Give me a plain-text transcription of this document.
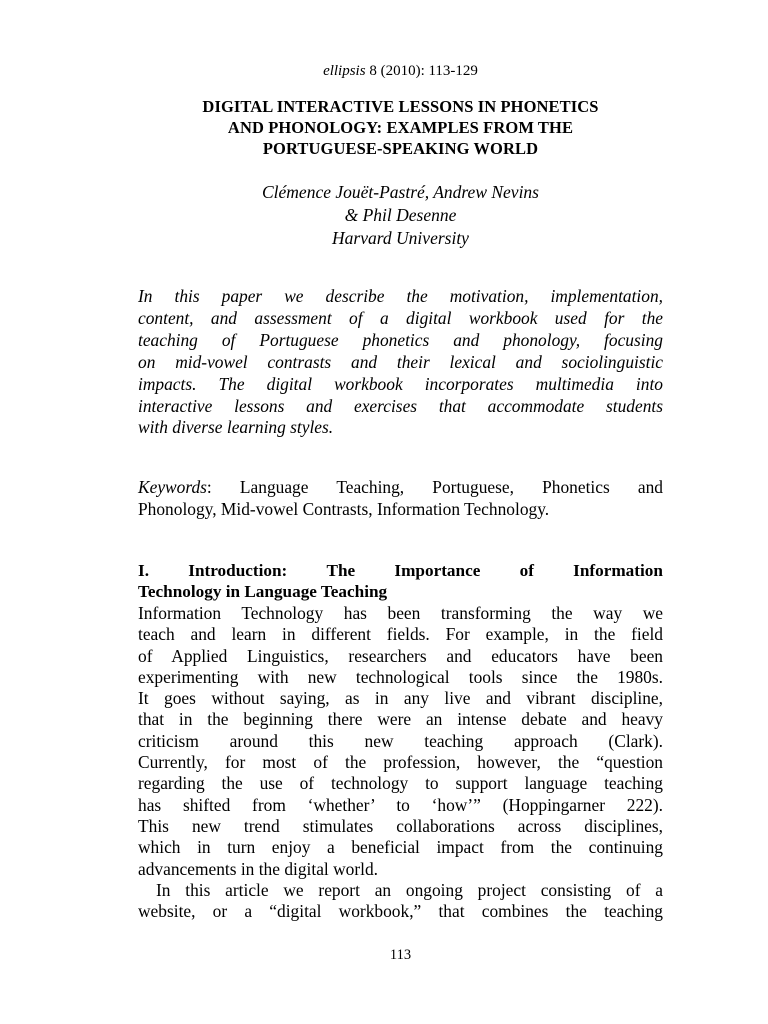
ellipsis 8 (2010): 113-129
DIGITAL INTERACTIVE LESSONS IN PHONETICS
AND PHONOLOGY: EXAMPLES FROM THE
PORTUGUESE-SPEAKING WORLD
Clémence Jouët-Pastré, Andrew Nevins
& Phil Desenne
Harvard University
In this paper we describe the motivation, implementation,
content, and assessment of a digital workbook used for the
teaching of Portuguese phonetics and phonology, focusing
on mid-vowel contrasts and their lexical and sociolinguistic
impacts. The digital workbook incorporates multimedia into
interactive lessons and exercises that accommodate students
with diverse learning styles.
Keywords: Language Teaching, Portuguese, Phonetics and
Phonology, Mid-vowel Contrasts, Information Technology.
I. Introduction: The Importance of Information
Technology in Language Teaching
Information Technology has been transforming the way we
teach and learn in different fields. For example, in the field
of Applied Linguistics, researchers and educators have been
experimenting with new technological tools since the 1980s.
It goes without saying, as in any live and vibrant discipline,
that in the beginning there were an intense debate and heavy
criticism around this new teaching approach (Clark).
Currently, for most of the profession, however, the “question
regarding the use of technology to support language teaching
has shifted from ‘whether’ to ‘how’” (Hoppingarner 222).
This new trend stimulates collaborations across disciplines,
which in turn enjoy a beneficial impact from the continuing
advancements in the digital world.
In this article we report an ongoing project consisting of a
website, or a “digital workbook,” that combines the teaching
113
